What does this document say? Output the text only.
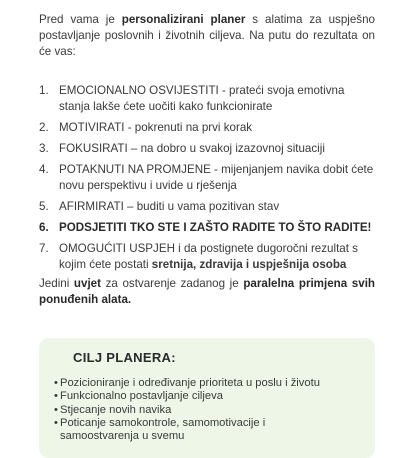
Pred vama je personalizirani planer s alatima za uspješno postavljanje poslovnih i životnih ciljeva. Na putu do rezultata on će vas:

1. EMOCIONALNO OSVIJESTITI - prateći svoja emotivna stanja lakše ćete uočiti kako funkcionirate
2. MOTIVIRATI - pokrenuti na prvi korak
3. FOKUSIRATI – na dobro u svakoj izazovnoj situaciji
4. POTAKNUTI NA PROMJENE - mijenjanjem navika dobit ćete novu perspektivu i uvide u rješenja
5. AFIRMIRATI – buditi u vama pozitivan stav
6. PODSJETITI TKO STE I ZAŠTO RADITE TO ŠTO RADITE!
7. OMOGUĆITI USPJEH i da postignete dugoročni rezultat s kojim ćete postati sretnija, zdravija i uspješnija osoba

Jedini uvjet za ostvarenje zadanog je paralelna primjena svih ponuđenih alata.

CILJ PLANERA:
• Pozicioniranje i određivanje prioriteta u poslu i životu
• Funkcionalno postavljanje ciljeva
• Stjecanje novih navika
• Poticanje samokontrole, samomotivacije i
samoostvarenja u svemu
